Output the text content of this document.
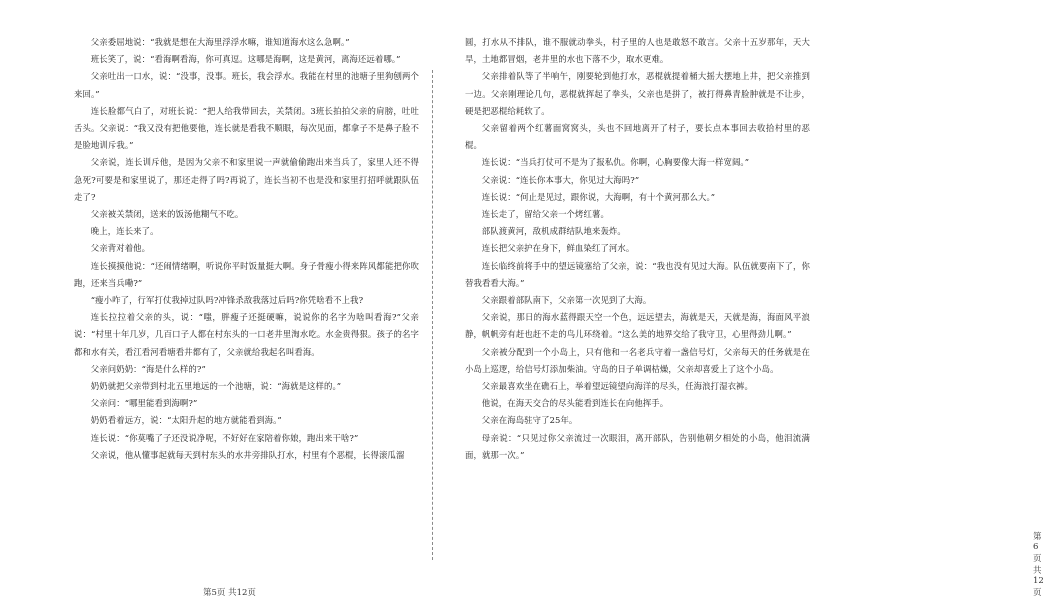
父亲委屈地说：“我就是想在大海里浮浮水嘛，谁知道海水这么急啊。”

班长笑了，说：“看海啊看海，你可真逗。这哪是海啊，这是黄河，离海还远着哪。”

父亲吐出一口水，说：“没事，没事。班长，我会浮水。我能在村里的池塘子里狗刨两个来回。”

连长脸都气白了，对班长说：“把人给我带回去，关禁闭。3班长拍拍父亲的肩膀，吐吐舌头。父亲说：“我又没有把他要他，连长就是看我不顺眼，每次见面，都拿子不是鼻子脸不是脸地训斥我。”

父亲说，连长训斥他，是因为父亲不和家里说一声就偷偷跑出来当兵了，家里人还不得急死?可要是和家里说了，那还走得了吗?再说了，连长当初不也是没和家里打招呼就跟队伍走了?

父亲被关禁闭，送来的饭汤他糊气不吃。

晚上，连长来了。

父亲背对着他。

连长摸摸他说：“还闹情绪啊，听说你平时饭量挺大啊。身子骨瘦小得来阵风都能把你吹跑，还来当兵嘞?”

“瘦小咋了，行军打仗我掉过队吗?冲锋杀敌我落过后吗?你凭啥看不上我?

连长拉拉着父亲的头，说：“嗤，胖瘦子还挺硬嘛，说说你的名字为啥叫看海?”父亲说：“村里十年几岁，几百口子人都在村东头的一口老井里淘水吃。水金贵得狠。孩子的名字都和水有关，看江看河看塘看井都有了，父亲就给我起名叫看海。

父亲问奶奶：“海是什么样的?”

奶奶就把父亲带到村北五里地远的一个池塘，说：“海就是这样的。”

父亲问：“哪里能看到海啊?”

奶奶看着远方，说：“太阳升起的地方就能看到海。”

连长说：“你莫嘴了子还没说净呢，不好好在家陪着你娘，跑出来干啥?”

父亲说，他从懂事起就每天到村东头的水井旁排队打水，村里有个恶棍，长得滚瓜溜

第5页 共12页

圆，打水从不排队，谁不服就动拳头，村子里的人也是敢怒不敢言。父亲十五岁那年，天大旱，土地都冒烟，老井里的水也下落不少，取水更难。

父亲排着队等了半响午，刚要轮到他打水，恶棍就提着桶大摇大摆地上井，把父亲推到一边。父亲刚理论几句，恶棍就挥起了拳头，父亲也是拼了，被打得鼻青脸肿就是不让步，硬是把恶棍给耗软了。

父亲留着两个红薯面窝窝头，头也不回地离开了村子，要长点本事回去收拾村里的恶棍。

连长说：“当兵打仗可不是为了报私仇。你啊，心胸要像大海一样宽阔。”

父亲说：“连长你本事大，你见过大海吗?”

连长说：“何止是见过，跟你说，大海啊，有十个黄河那么大。”

连长走了，留给父亲一个烤红薯。

部队渡黄河，敌机成群结队地来轰炸。

连长把父亲护在身下，鲜血染红了河水。

连长临终前将手中的望远镜塞给了父亲，说：“我也没有见过大海。队伍就要南下了，你替我看看大海。”

父亲跟着部队南下，父亲第一次见到了大海。

父亲说，那日的海水蓝得跟天空一个色，远远望去，海就是天，天就是海，海面风平浪静，帆帆旁有赶也赶不走的鸟儿环绕着。“这么美的地界交给了我守卫，心里得劲儿啊。”

父亲被分配到一个小岛上，只有他和一名老兵守着一盏信号灯，父亲每天的任务就是在小岛上巡逻，给信号灯添加柴油。守岛的日子单调枯燥，父亲却喜爱上了这个小岛。

父亲最喜欢坐在礁石上，举着望远镜望向海洋的尽头，任海浪打湿衣裤。

他说，在海天交合的尽头能看到连长在向他挥手。

父亲在海岛驻守了25年。

母亲说：“只见过你父亲流过一次眼泪，离开部队，告别他朝夕相处的小岛，他泪流满面，就那一次。”

第6页 共12页
